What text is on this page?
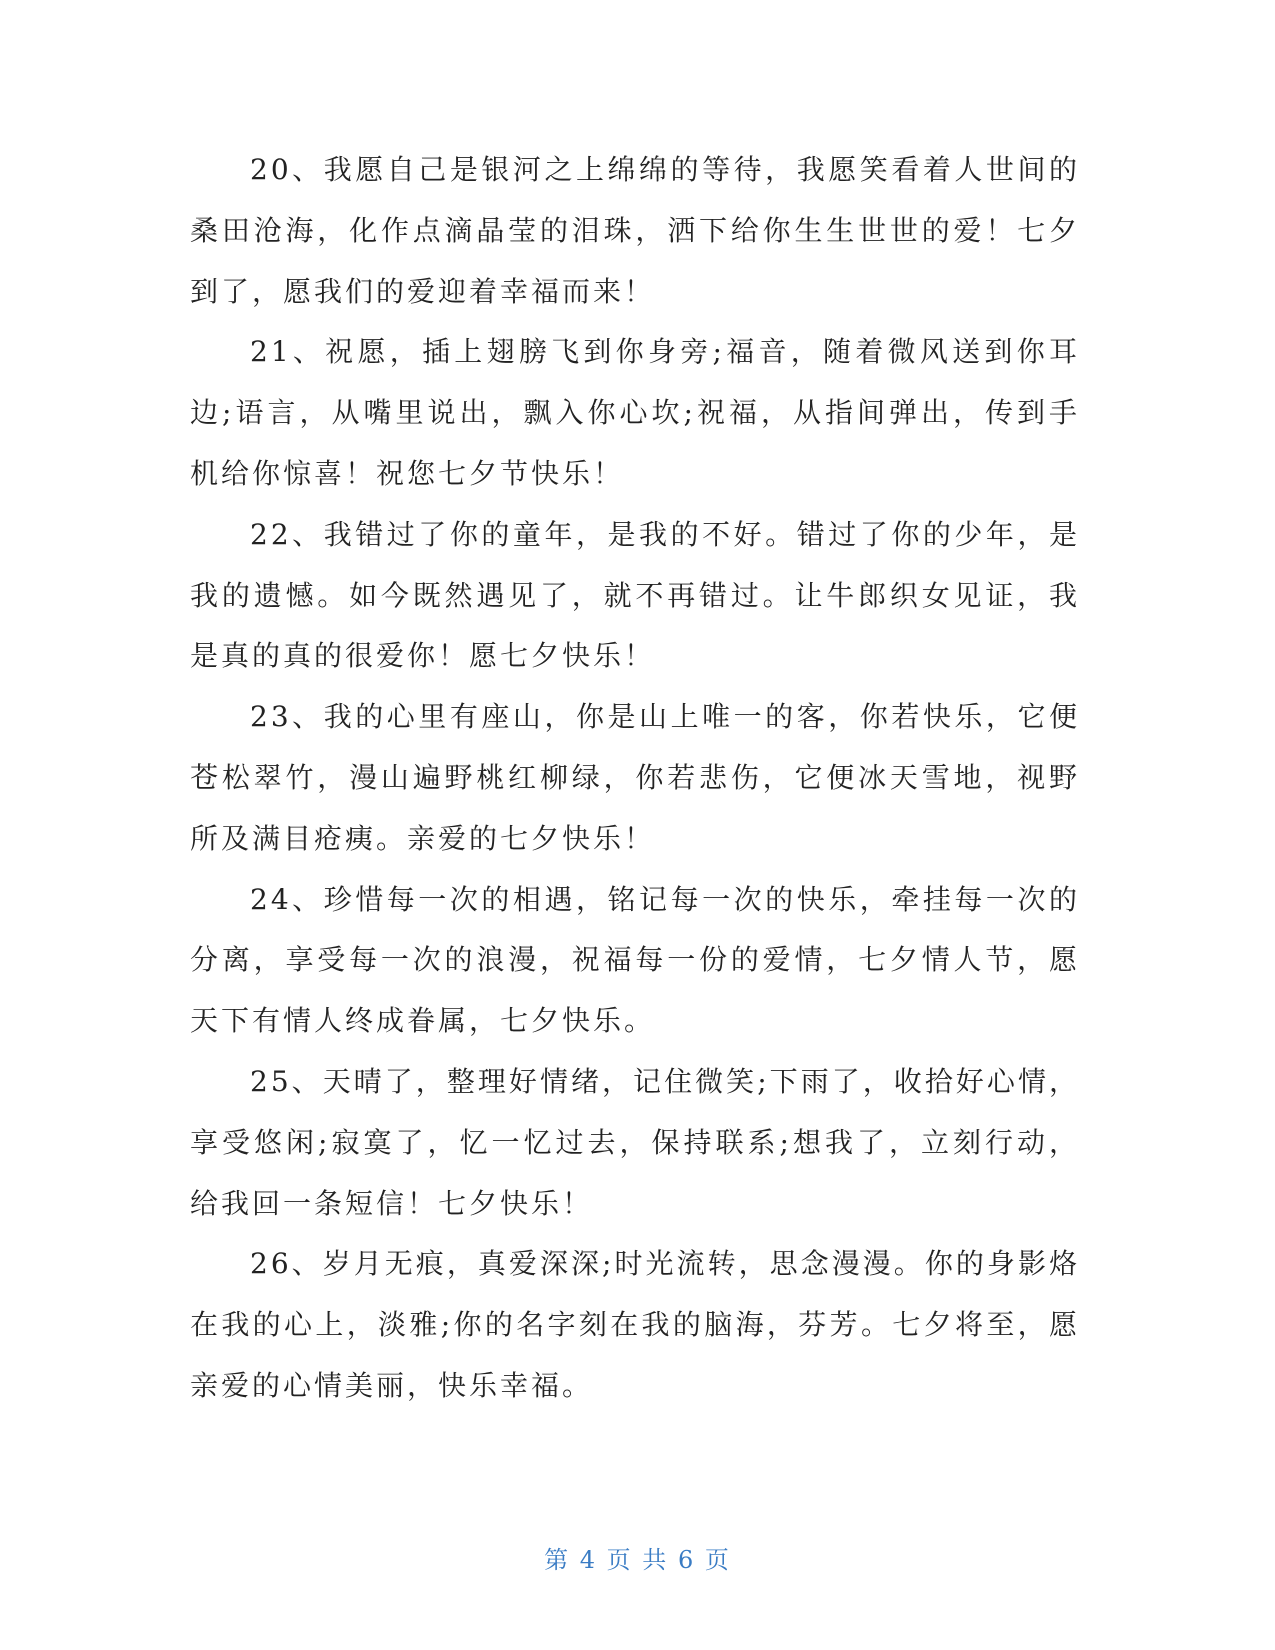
20、我愿自己是银河之上绵绵的等待，我愿笑看着人世间的桑田沧海，化作点滴晶莹的泪珠，洒下给你生生世世的爱！七夕到了，愿我们的爱迎着幸福而来！

21、祝愿，插上翅膀飞到你身旁;福音，随着微风送到你耳边;语言，从嘴里说出，飘入你心坎;祝福，从指间弹出，传到手机给你惊喜！祝您七夕节快乐！

22、我错过了你的童年，是我的不好。错过了你的少年，是我的遗憾。如今既然遇见了，就不再错过。让牛郎织女见证，我是真的真的很爱你！愿七夕快乐！

23、我的心里有座山，你是山上唯一的客，你若快乐，它便苍松翠竹，漫山遍野桃红柳绿，你若悲伤，它便冰天雪地，视野所及满目疮痍。亲爱的七夕快乐！

24、珍惜每一次的相遇，铭记每一次的快乐，牵挂每一次的分离，享受每一次的浪漫，祝福每一份的爱情，七夕情人节，愿天下有情人终成眷属，七夕快乐。

25、天晴了，整理好情绪，记住微笑;下雨了，收拾好心情，享受悠闲;寂寞了，忆一忆过去，保持联系;想我了，立刻行动，给我回一条短信！七夕快乐！

26、岁月无痕，真爱深深;时光流转，思念漫漫。你的身影烙在我的心上，淡雅;你的名字刻在我的脑海，芬芳。七夕将至，愿亲爱的心情美丽，快乐幸福。

第 4 页 共 6 页
